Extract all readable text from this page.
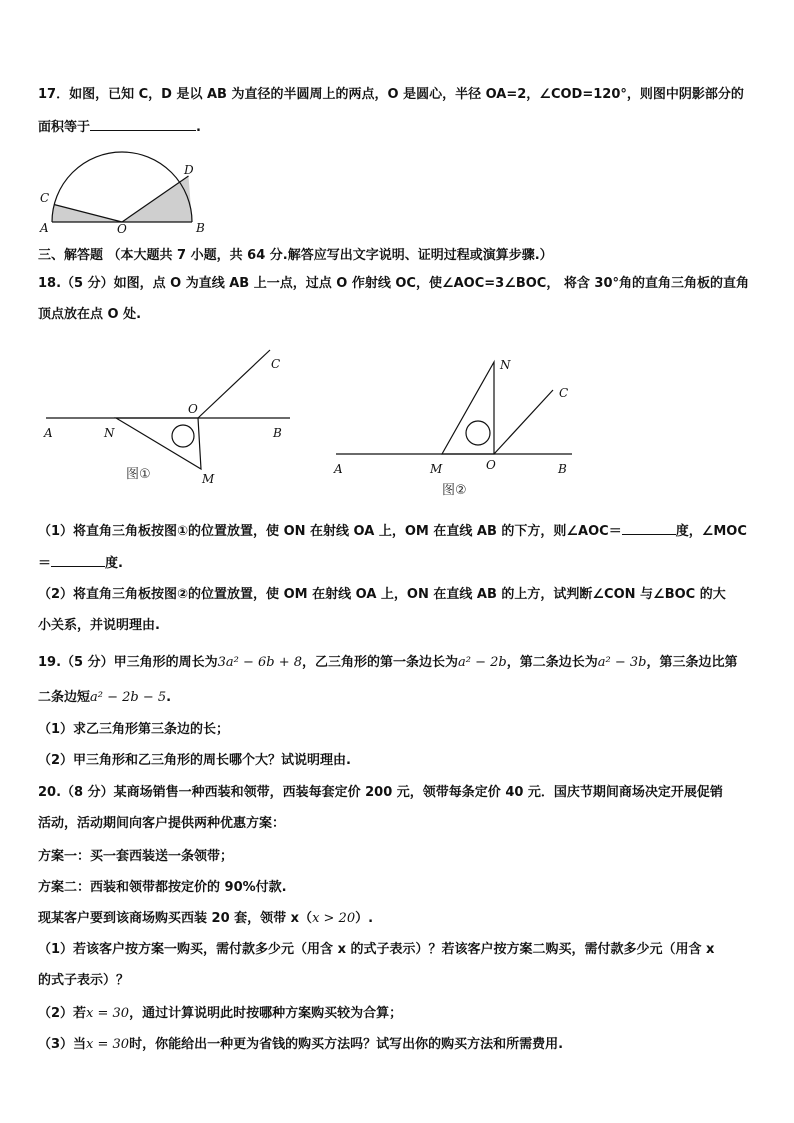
17．如图，已知 C，D 是以 AB 为直径的半圆周上的两点，O 是圆心，半径 OA=2，∠COD=120°，则图中阴影部分的
面积等于	.
A	B
C
D
O
三、解答题 （本大题共 7 小题，共 64 分.解答应写出文字说明、证明过程或演算步骤.）
18.（5 分）如图，点 O 为直线 AB 上一点，过点 O 作射线 OC，使∠AOC=3∠BOC， 将含 30°角的直角三角板的直角
顶点放在点 O 处.
A	N
O
C
B
M
图①	A	M	O
N
C
B
图②
（1）将直角三角板按图①的位置放置，使 ON 在射线 OA 上，OM 在直线 AB 的下方，则∠AOC＝	度，∠MOC
＝	度.
（2）将直角三角板按图②的位置放置，使 OM 在射线 OA 上，ON 在直线 AB 的上方，试判断∠CON 与∠BOC 的大
小关系，并说明理由.
19.（5 分）甲三角形的周长为3a² − 6b + 8，乙三角形的第一条边长为a² − 2b，第二条边长为a² − 3b，第三条边比第
二条边短a² − 2b − 5.
（1）求乙三角形第三条边的长；
（2）甲三角形和乙三角形的周长哪个大？试说明理由.
20.（8 分）某商场销售一种西装和领带，西装每套定价 200 元，领带每条定价 40 元．国庆节期间商场决定开展促销
活动，活动期间向客户提供两种优惠方案：
方案一：买一套西装送一条领带；
方案二：西装和领带都按定价的 90%付款.
现某客户要到该商场购买西装 20 套，领带 x（x > 20）.
（1）若该客户按方案一购买，需付款多少元（用含 x 的式子表示）？若该客户按方案二购买，需付款多少元（用含 x
的式子表示）？
（2）若x = 30，通过计算说明此时按哪种方案购买较为合算；
（3）当x = 30时，你能给出一种更为省钱的购买方法吗？试写出你的购买方法和所需费用.
